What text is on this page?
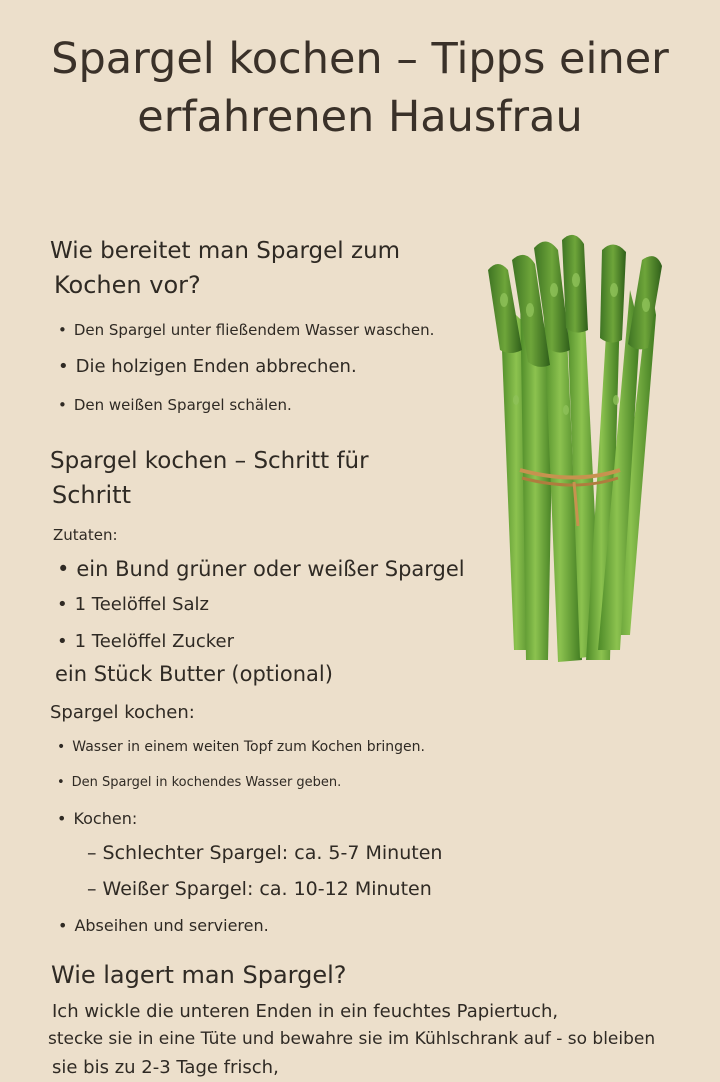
Spargel kochen – Tipps einer
erfahrenen Hausfrau
Wie bereitet man Spargel zum
Kochen vor?
• Den Spargel unter fließendem Wasser waschen.
• Die holzigen Enden abbrechen.
• Den weißen Spargel schälen.
Spargel kochen – Schritt für
Schritt
Zutaten:
• ein Bund grüner oder weißer Spargel
• 1 Teelöffel Salz
• 1 Teelöffel Zucker
ein Stück Butter (optional)
Spargel kochen:
• Wasser in einem weiten Topf zum Kochen bringen.
• Den Spargel in kochendes Wasser geben.
• Kochen:
– Schlechter Spargel: ca. 5-7 Minuten
– Weißer Spargel: ca. 10-12 Minuten
• Abseihen und servieren.
Wie lagert man Spargel?
Ich wickle die unteren Enden in ein feuchtes Papiertuch,
stecke sie in eine Tüte und bewahre sie im Kühlschrank auf - so bleiben
sie bis zu 2-3 Tage frisch,
